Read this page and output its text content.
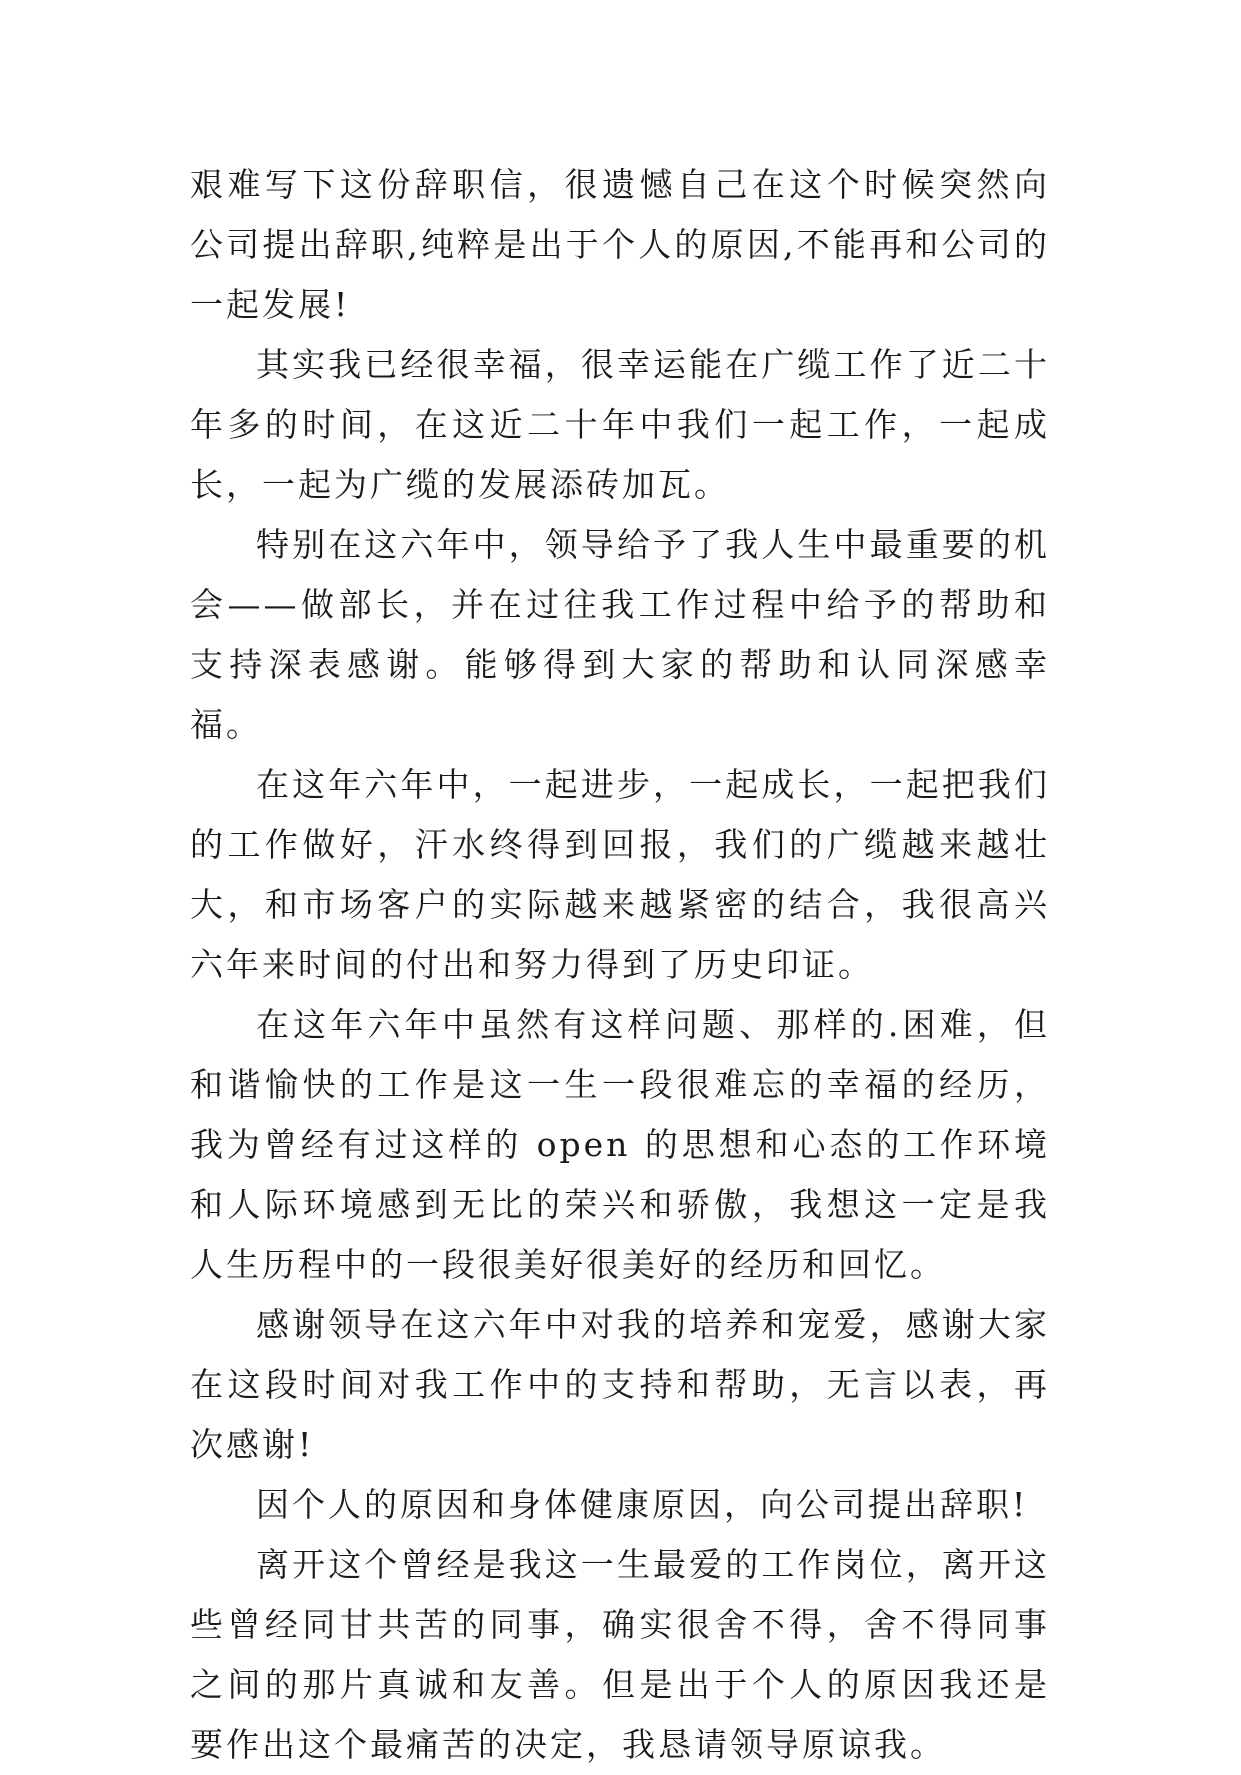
艰难写下这份辞职信，很遗憾自己在这个时候突然向公司提出辞职,纯粹是出于个人的原因,不能再和公司的一起发展!

其实我已经很幸福，很幸运能在广缆工作了近二十年多的时间，在这近二十年中我们一起工作，一起成长，一起为广缆的发展添砖加瓦。

特别在这六年中，领导给予了我人生中最重要的机会——做部长，并在过往我工作过程中给予的帮助和支持深表感谢。能够得到大家的帮助和认同深感幸福。

在这年六年中，一起进步，一起成长，一起把我们的工作做好，汗水终得到回报，我们的广缆越来越壮大，和市场客户的实际越来越紧密的结合，我很高兴六年来时间的付出和努力得到了历史印证。

在这年六年中虽然有这样问题、那样的.困难，但和谐愉快的工作是这一生一段很难忘的幸福的经历，我为曾经有过这样的 open 的思想和心态的工作环境和人际环境感到无比的荣兴和骄傲，我想这一定是我人生历程中的一段很美好很美好的经历和回忆。

感谢领导在这六年中对我的培养和宠爱，感谢大家在这段时间对我工作中的支持和帮助，无言以表，再次感谢!

因个人的原因和身体健康原因，向公司提出辞职!

离开这个曾经是我这一生最爱的工作岗位，离开这些曾经同甘共苦的同事，确实很舍不得，舍不得同事之间的那片真诚和友善。但是出于个人的原因我还是要作出这个最痛苦的决定，我恳请领导原谅我。
